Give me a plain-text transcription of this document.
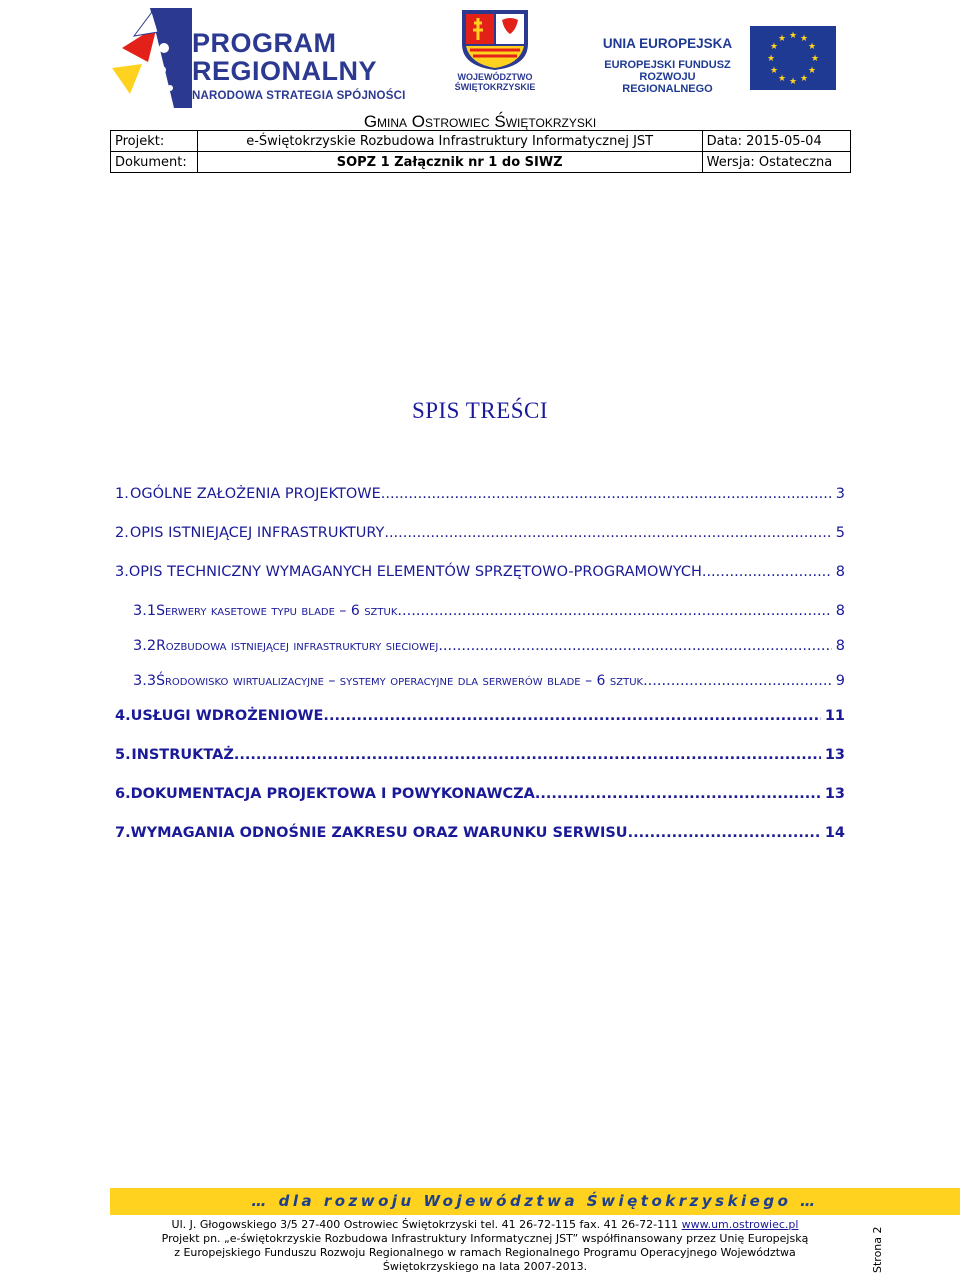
PROGRAM
REGIONALNY
NARODOWA STRATEGIA SPÓJNOŚCI
WOJEWÓDZTWO
ŚWIĘTOKRZYSKIE
UNIA EUROPEJSKA
EUROPEJSKI FUNDUSZ
ROZWOJU REGIONALNEGO
★ ★
★
★
★
★
★
★
★
★
★
★
Gmina Ostrowiec Świętokrzyski
Projekt:	e-Świętokrzyskie Rozbudowa Infrastruktury Informatycznej JST	Data: 2015-05-04
Dokument:	SOPZ 1 Załącznik nr 1 do SIWZ	Wersja: Ostateczna
SPIS TREŚCI
1. OGÓLNE ZAŁOŻENIA PROJEKTOWE .....	3
2. OPIS ISTNIEJĄCEJ INFRASTRUKTURY .....	5
3. OPIS TECHNICZNY WYMAGANYCH ELEMENTÓW SPRZĘTOWO-PROGRAMOWYCH .....	8
3.1 Serwery kasetowe typu blade – 6 sztuk .....	8
3.2 Rozbudowa istniejącej infrastruktury sieciowej .....	8
3.3 Środowisko wirtualizacyjne – systemy operacyjne dla serwerów blade – 6 sztuk .....	9
4. USŁUGI WDROŻENIOWE. .....	11
5. INSTRUKTAŻ .....	13
6. DOKUMENTACJA PROJEKTOWA I POWYKONAWCZA .....	13
7. WYMAGANIA ODNOŚNIE ZAKRESU ORAZ WARUNKU SERWISU .....	14
… dla rozwoju Województwa Świętokrzyskiego …
Ul. J. Głogowskiego 3/5 27-400 Ostrowiec Świętokrzyski tel. 41 26-72-115 fax. 41 26-72-111 www.um.ostrowiec.pl
Projekt pn. „e-świętokrzyskie Rozbudowa Infrastruktury Informatycznej JST” współfinansowany przez Unię Europejską
z Europejskiego Funduszu Rozwoju Regionalnego w ramach Regionalnego Programu Operacyjnego Województwa
Świętokrzyskiego na lata 2007-2013.	Strona 2
